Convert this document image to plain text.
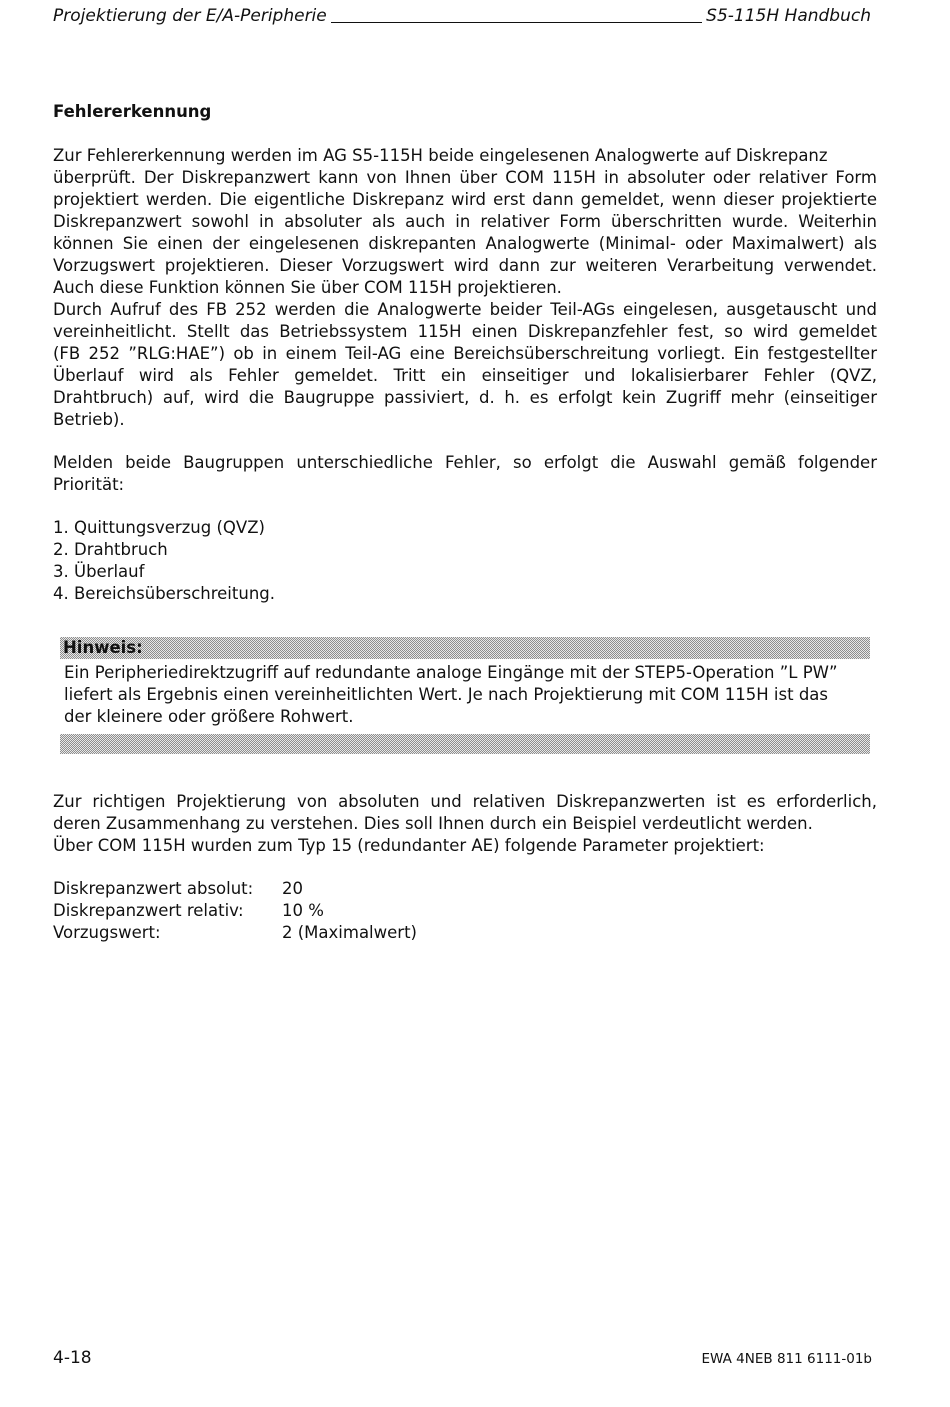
Projektierung der E/A-Peripherie	S5-115H Handbuch
Fehlererkennung
Zur Fehlererkennung werden im AG S5-115H beide eingelesenen Analogwerte auf Diskrepanz
überprüft. Der Diskrepanzwert kann von Ihnen über COM 115H in absoluter oder relativer Form
projektiert werden. Die eigentliche Diskrepanz wird erst dann gemeldet, wenn dieser projektierte
Diskrepanzwert sowohl in absoluter als auch in relativer Form überschritten wurde. Weiterhin
können Sie einen der eingelesenen diskrepanten Analogwerte (Minimal- oder Maximalwert) als
Vorzugswert projektieren. Dieser Vorzugswert wird dann zur weiteren Verarbeitung verwendet.
Auch diese Funktion können Sie über COM 115H projektieren.
Durch Aufruf des FB 252 werden die Analogwerte beider Teil-AGs eingelesen, ausgetauscht und
vereinheitlicht. Stellt das Betriebssystem 115H einen Diskrepanzfehler fest, so wird gemeldet
(FB 252 ”RLG:HAE”) ob in einem Teil-AG eine Bereichsüberschreitung vorliegt. Ein festgestellter
Überlauf wird als Fehler gemeldet. Tritt ein einseitiger und lokalisierbarer Fehler (QVZ,
Drahtbruch) auf, wird die Baugruppe passiviert, d. h. es erfolgt kein Zugriff mehr (einseitiger
Betrieb).
Melden beide Baugruppen unterschiedliche Fehler, so erfolgt die Auswahl gemäß folgender
Priorität:
1. Quittungsverzug (QVZ)
2. Drahtbruch
3. Überlauf
4. Bereichsüberschreitung.
Hinweis:
Ein Peripheriedirektzugriff auf redundante analoge Eingänge mit der STEP5-Operation ”L PW”
liefert als Ergebnis einen vereinheitlichten Wert. Je nach Projektierung mit COM 115H ist das
der kleinere oder größere Rohwert.
Zur richtigen Projektierung von absoluten und relativen Diskrepanzwerten ist es erforderlich,
deren Zusammenhang zu verstehen. Dies soll Ihnen durch ein Beispiel verdeutlicht werden.
Über COM 115H wurden zum Typ 15 (redundanter AE) folgende Parameter projektiert:
Diskrepanzwert absolut:	20
Diskrepanzwert relativ:	10 %
Vorzugswert:	2 (Maximalwert)
4-18	EWA 4NEB 811 6111-01b
